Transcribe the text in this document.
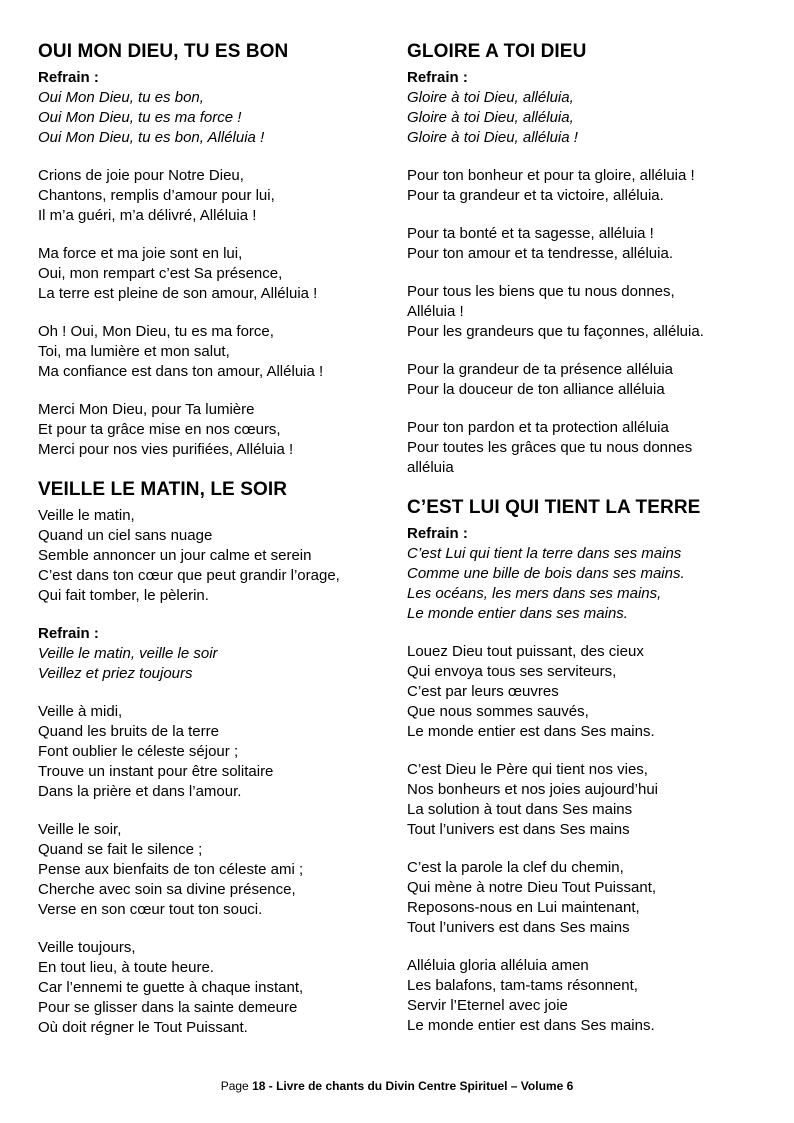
OUI MON DIEU, TU ES BON
Refrain :
Oui Mon Dieu, tu es bon,
Oui Mon Dieu, tu es ma force !
Oui Mon Dieu, tu es bon, Alléluia !
Crions de joie pour Notre Dieu,
Chantons, remplis d’amour pour lui,
Il m’a guéri, m’a délivré, Alléluia !
Ma force et ma joie sont en lui,
Oui, mon rempart c’est Sa présence,
La terre est pleine de son amour, Alléluia !
Oh ! Oui, Mon Dieu, tu es ma force,
Toi, ma lumière et mon salut,
Ma confiance est dans ton amour, Alléluia !
Merci Mon Dieu, pour Ta lumière
Et pour ta grâce mise en nos cœurs,
Merci pour nos vies purifiées, Alléluia !
VEILLE LE MATIN, LE SOIR
Veille le matin,
Quand un ciel sans nuage
Semble annoncer un jour calme et serein
C’est dans ton cœur que peut grandir l’orage,
Qui fait tomber, le pèlerin.
Refrain :
Veille le matin, veille le soir
Veillez et priez toujours
Veille à midi,
Quand les bruits de la terre
Font oublier le céleste séjour ;
Trouve un instant pour être solitaire
Dans la prière et dans l’amour.
Veille le soir,
Quand se fait le silence ;
Pense aux bienfaits de ton céleste ami ;
Cherche avec soin sa divine présence,
Verse en son cœur tout ton souci.
Veille toujours,
En tout lieu, à toute heure.
Car l’ennemi te guette à chaque instant,
Pour se glisser dans la sainte demeure
Où doit régner le Tout Puissant.
GLOIRE A TOI DIEU
Refrain :
Gloire à toi Dieu, alléluia,
Gloire à toi Dieu, alléluia,
Gloire à toi Dieu, alléluia !
Pour ton bonheur et pour ta gloire, alléluia !
Pour ta grandeur et ta victoire, alléluia.
Pour ta bonté et ta sagesse, alléluia !
Pour ton amour et ta tendresse, alléluia.
Pour tous les biens que tu nous donnes,
Alléluia !
Pour les grandeurs que tu façonnes, alléluia.
Pour la grandeur de ta présence alléluia
Pour la douceur de ton alliance alléluia
Pour ton pardon et ta protection alléluia
Pour toutes les grâces que tu nous donnes
alléluia
C’EST LUI QUI TIENT LA TERRE
Refrain :
C’est Lui qui tient la terre dans ses mains
Comme une bille de bois dans ses mains.
Les océans, les mers dans ses mains,
Le monde entier dans ses mains.
Louez Dieu tout puissant, des cieux
Qui envoya tous ses serviteurs,
C’est par leurs œuvres
Que nous sommes sauvés,
Le monde entier est dans Ses mains.
C’est Dieu le Père qui tient nos vies,
Nos bonheurs et nos joies aujourd’hui
La solution à tout dans Ses mains
Tout l’univers est dans Ses mains
C’est la parole la clef du chemin,
Qui mène à notre Dieu Tout Puissant,
Reposons-nous en Lui maintenant,
Tout l’univers est dans Ses mains
Alléluia gloria alléluia amen
Les balafons, tam-tams résonnent,
Servir l’Eternel avec joie
Le monde entier est dans Ses mains.
Page 18 - Livre de chants du Divin Centre Spirituel – Volume 6
